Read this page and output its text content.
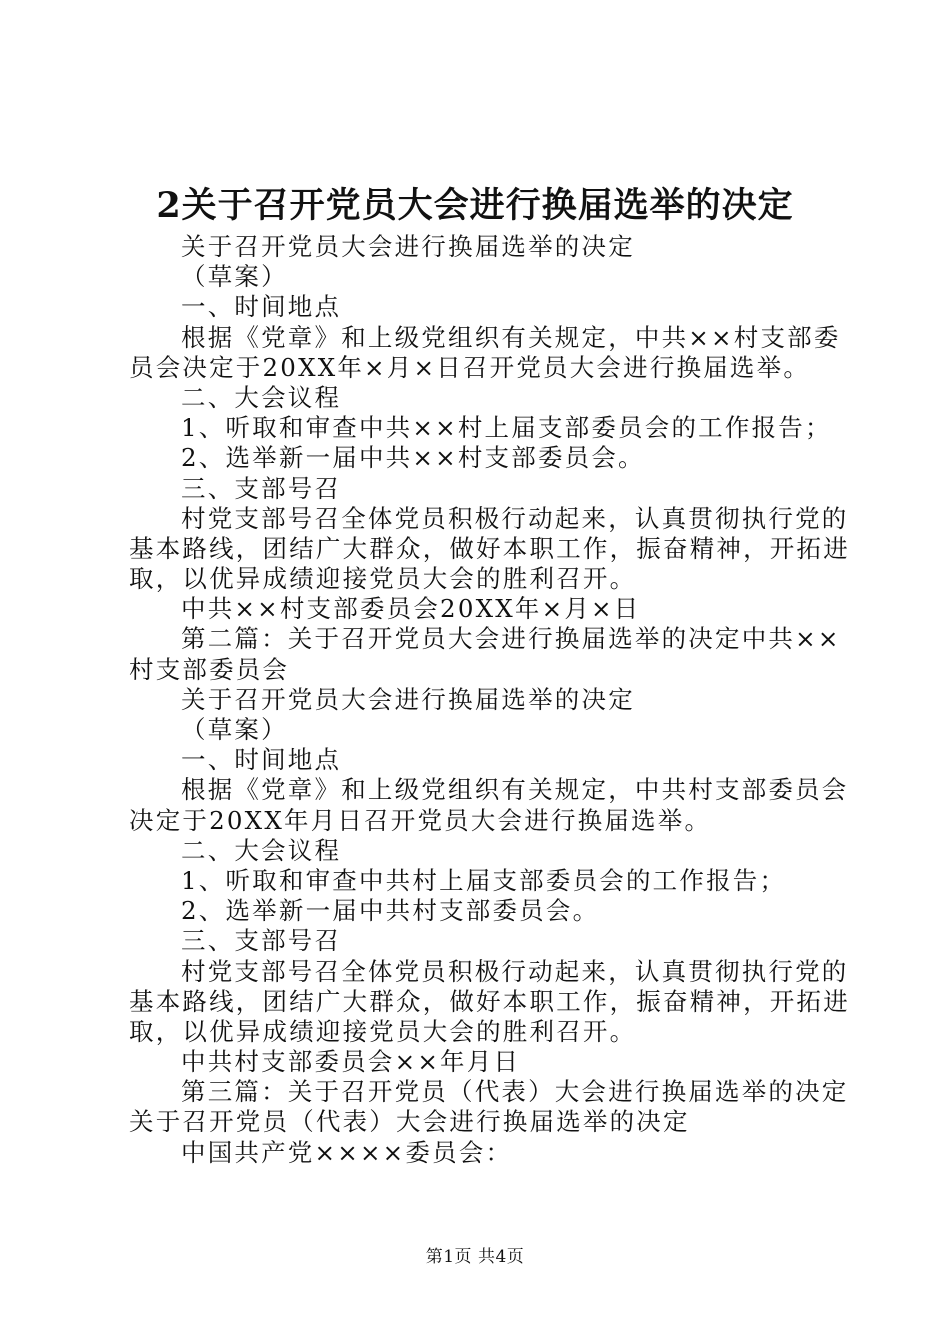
2关于召开党员大会进行换届选举的决定
关于召开党员大会进行换届选举的决定
（草案）
一、时间地点
根据《党章》和上级党组织有关规定，中共××村支部委
员会决定于20XX年×月×日召开党员大会进行换届选举。
二、大会议程
1、听取和审查中共××村上届支部委员会的工作报告；
2、选举新一届中共××村支部委员会。
三、支部号召
村党支部号召全体党员积极行动起来，认真贯彻执行党的
基本路线，团结广大群众，做好本职工作，振奋精神，开拓进
取，以优异成绩迎接党员大会的胜利召开。
中共××村支部委员会20XX年×月×日
第二篇：关于召开党员大会进行换届选举的决定中共××
村支部委员会
关于召开党员大会进行换届选举的决定
（草案）
一、时间地点
根据《党章》和上级党组织有关规定，中共村支部委员会
决定于20XX年月日召开党员大会进行换届选举。
二、大会议程
1、听取和审查中共村上届支部委员会的工作报告；
2、选举新一届中共村支部委员会。
三、支部号召
村党支部号召全体党员积极行动起来，认真贯彻执行党的
基本路线，团结广大群众，做好本职工作，振奋精神，开拓进
取，以优异成绩迎接党员大会的胜利召开。
中共村支部委员会××年月日
第三篇：关于召开党员（代表）大会进行换届选举的决定
关于召开党员（代表）大会进行换届选举的决定
中国共产党××××委员会：
第1页 共4页
